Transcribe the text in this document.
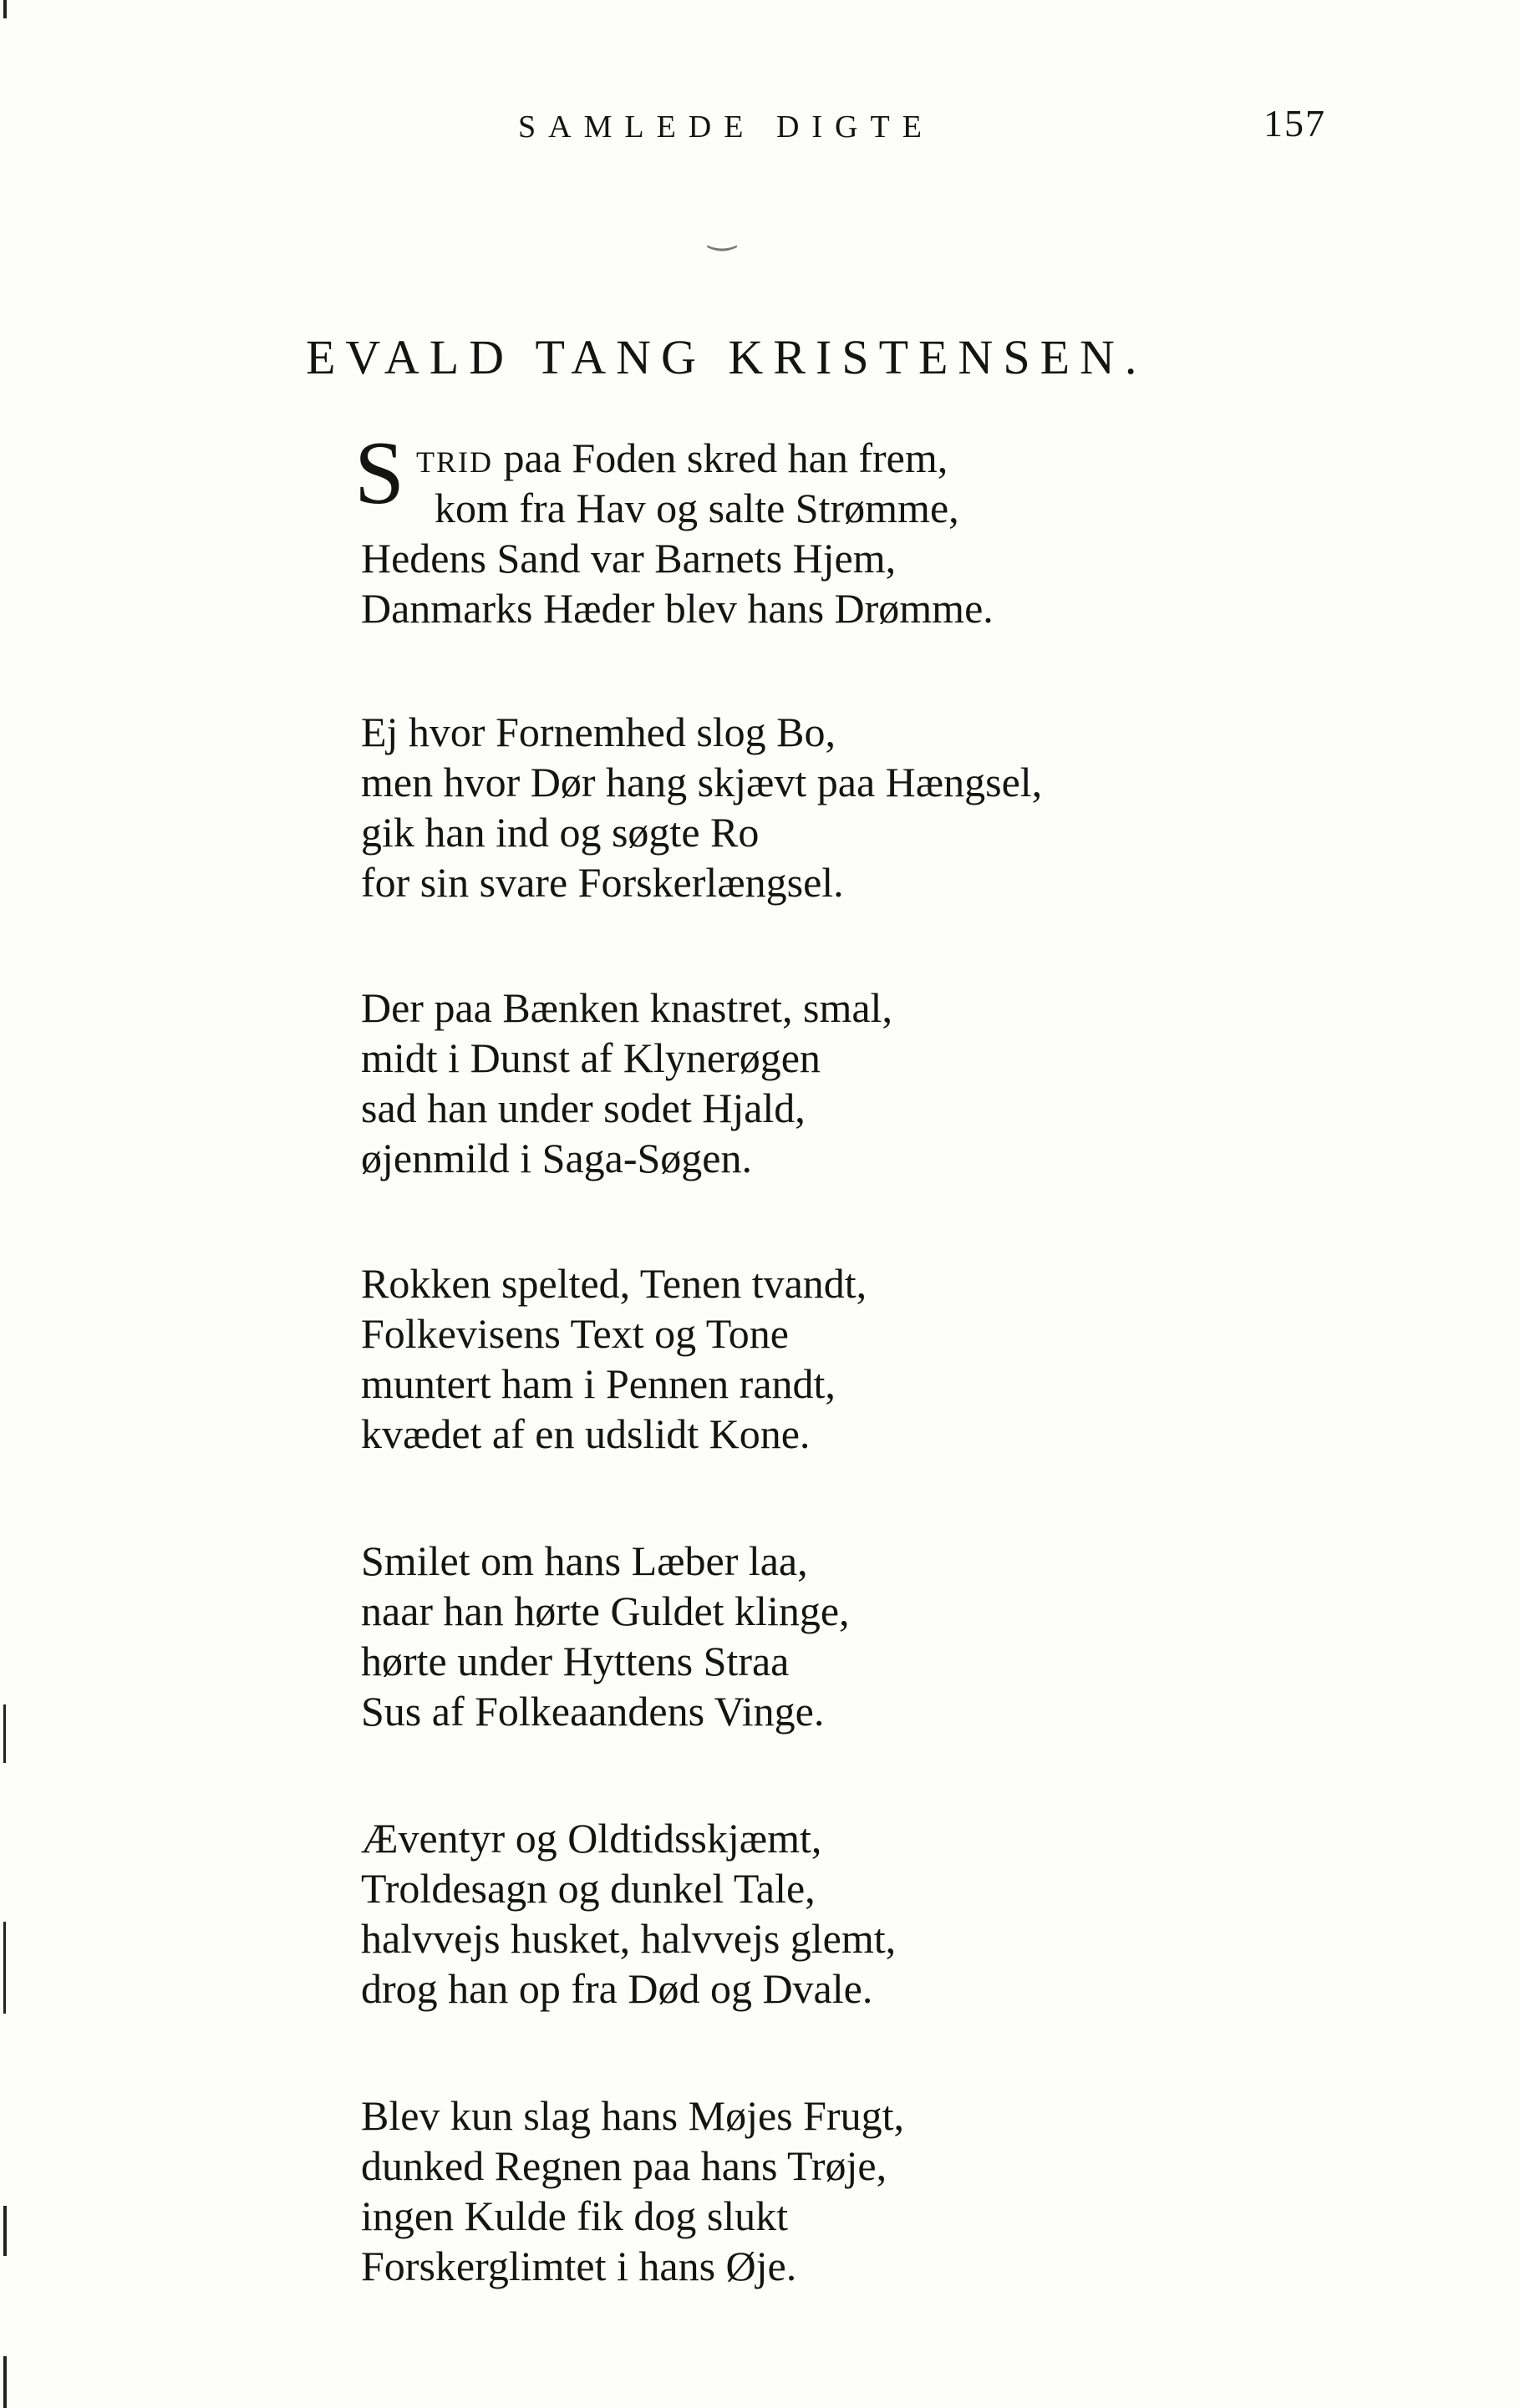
SAMLEDE DIGTE	157
‿
EVALD TANG KRISTENSEN.
S TRID paa Foden skred han frem,
kom fra Hav og salte Strømme,
Hedens Sand var Barnets Hjem,
Danmarks Hæder blev hans Drømme.
Ej hvor Fornemhed slog Bo,
men hvor Dør hang skjævt paa Hængsel,
gik han ind og søgte Ro
for sin svare Forskerlængsel.
Der paa Bænken knastret, smal,
midt i Dunst af Klynerøgen
sad han under sodet Hjald,
øjenmild i Saga-Søgen.
Rokken spelted, Tenen tvandt,
Folkevisens Text og Tone
muntert ham i Pennen randt,
kvædet af en udslidt Kone.
Smilet om hans Læber laa,
naar han hørte Guldet klinge,
hørte under Hyttens Straa
Sus af Folkeaandens Vinge.
Æventyr og Oldtidsskjæmt,
Troldesagn og dunkel Tale,
halvvejs husket, halvvejs glemt,
drog han op fra Død og Dvale.
Blev kun slag hans Møjes Frugt,
dunked Regnen paa hans Trøje,
ingen Kulde fik dog slukt
Forskerglimtet i hans Øje.
